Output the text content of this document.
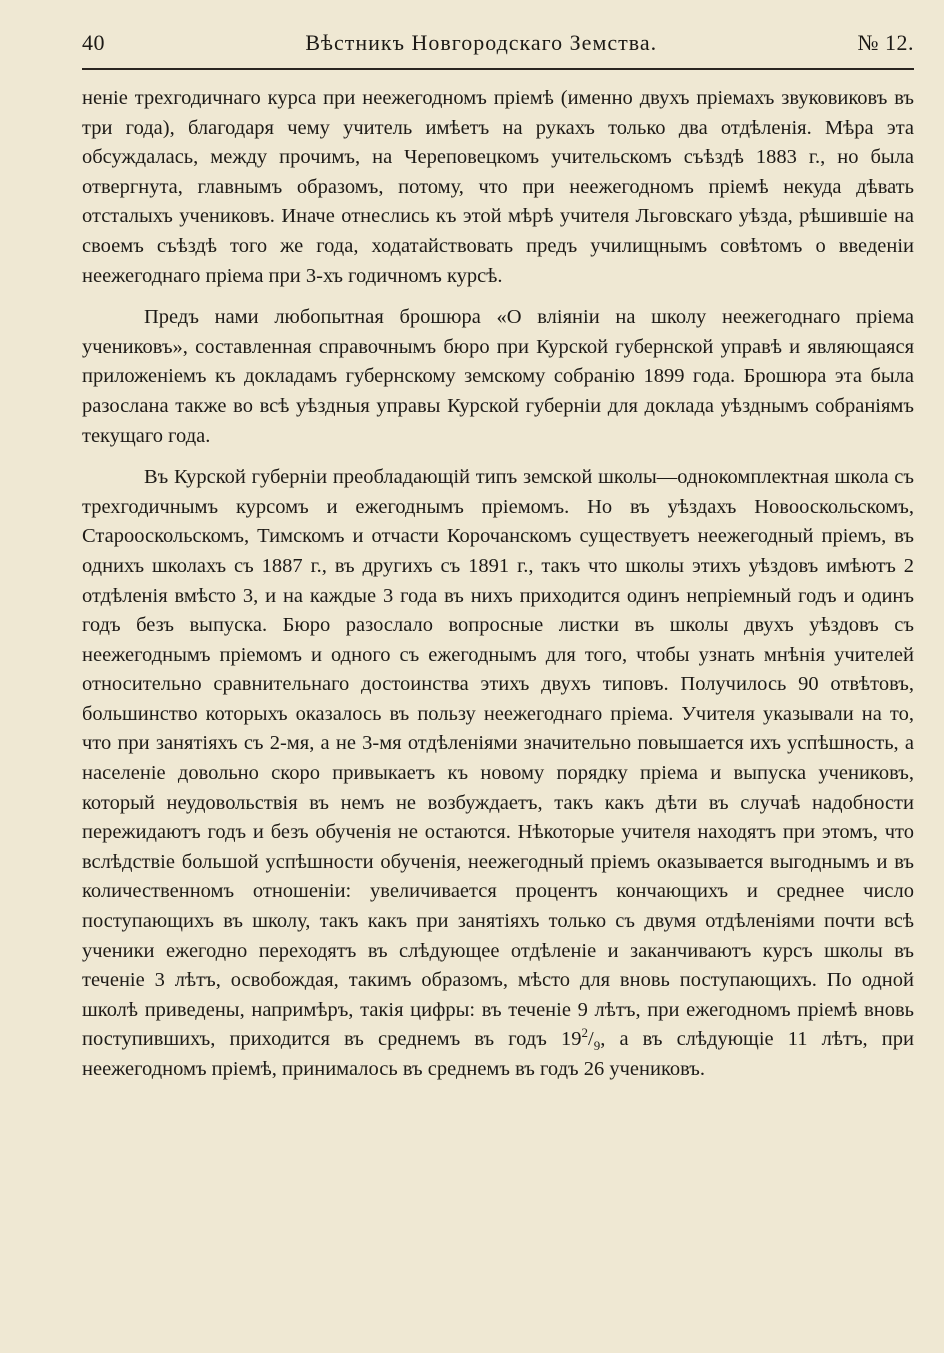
40	Вѣстникъ Новгородскаго Земства.	№ 12.

неніе трехгодичнаго курса при неежегодномъ пріемѣ (именно двухъ пріемахъ звуковиковъ въ три года), благодаря чему учитель имѣетъ на рукахъ только два отдѣленія. Мѣра эта обсуждалась, между прочимъ, на Череповецкомъ учительскомъ съѣздѣ 1883 г., но была отвергнута, главнымъ образомъ, потому, что при неежегодномъ пріемѣ некуда дѣвать отсталыхъ учениковъ. Иначе отнеслись къ этой мѣрѣ учителя Льговскаго уѣзда, рѣшившіе на своемъ съѣздѣ того же года, ходатайствовать предъ училищнымъ совѣтомъ о введеніи неежегоднаго пріема при 3-хъ годичномъ курсѣ.

Предъ нами любопытная брошюра «О вліяніи на школу неежегоднаго пріема учениковъ», составленная справочнымъ бюро при Курской губернской управѣ и являющаяся приложеніемъ къ докладамъ губернскому земскому собранію 1899 года. Брошюра эта была разослана также во всѣ уѣздныя управы Курской губерніи для доклада уѣзднымъ собраніямъ текущаго года.

Въ Курской губерніи преобладающій типъ земской школы—однокомплектная школа съ трехгодичнымъ курсомъ и ежегоднымъ пріемомъ. Но въ уѣздахъ Новооскольскомъ, Старооскольскомъ, Тимскомъ и отчасти Корочанскомъ существуетъ неежегодный пріемъ, въ однихъ школахъ съ 1887 г., въ другихъ съ 1891 г., такъ что школы этихъ уѣздовъ имѣютъ 2 отдѣленія вмѣсто 3, и на каждые 3 года въ нихъ приходится одинъ непріемный годъ и одинъ годъ безъ выпуска. Бюро разослало вопросные листки въ школы двухъ уѣздовъ съ неежегоднымъ пріемомъ и одного съ ежегоднымъ для того, чтобы узнать мнѣнія учителей относительно сравнительнаго достоинства этихъ двухъ типовъ. Получилось 90 отвѣтовъ, большинство которыхъ оказалось въ пользу неежегоднаго пріема. Учителя указывали на то, что при занятіяхъ съ 2-мя, а не 3-мя отдѣленіями значительно повышается ихъ успѣшность, а населеніе довольно скоро привыкаетъ къ новому порядку пріема и выпуска учениковъ, который неудовольствія въ немъ не возбуждаетъ, такъ какъ дѣти въ случаѣ надобности пережидаютъ годъ и безъ обученія не остаются. Нѣкоторые учителя находятъ при этомъ, что вслѣдствіе большой успѣшности обученія, неежегодный пріемъ оказывается выгоднымъ и въ количественномъ отношеніи: увеличивается процентъ кончающихъ и среднее число поступающихъ въ школу, такъ какъ при занятіяхъ только съ двумя отдѣленіями почти всѣ ученики ежегодно переходятъ въ слѣдующее отдѣленіе и заканчиваютъ курсъ школы въ теченіе 3 лѣтъ, освобождая, такимъ образомъ, мѣсто для вновь поступающихъ. По одной школѣ приведены, напримѣръ, такія цифры: въ теченіе 9 лѣтъ, при ежегодномъ пріемѣ вновь поступившихъ, приходится въ среднемъ въ годъ $19^2/_9$, а въ слѣдующіе 11 лѣтъ, при неежегодномъ пріемѣ, принималось въ среднемъ въ годъ 26 учениковъ.
